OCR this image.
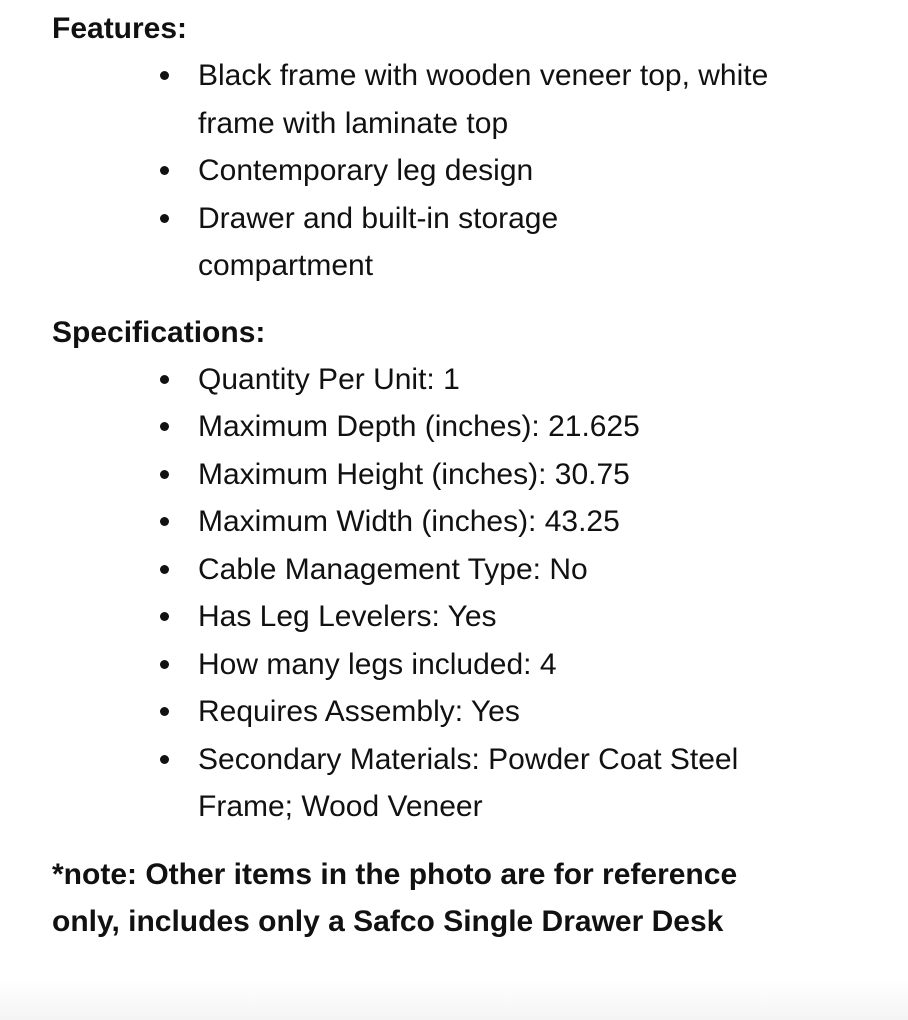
Features:
Black frame with wooden veneer top, white frame with laminate top
Contemporary leg design
Drawer and built-in storage compartment
Specifications:
Quantity Per Unit: 1
Maximum Depth (inches): 21.625
Maximum Height (inches): 30.75
Maximum Width (inches): 43.25
Cable Management Type: No
Has Leg Levelers: Yes
How many legs included: 4
Requires Assembly: Yes
Secondary Materials: Powder Coat Steel Frame; Wood Veneer

*note: Other items in the photo are for reference only, includes only a Safco Single Drawer Desk
